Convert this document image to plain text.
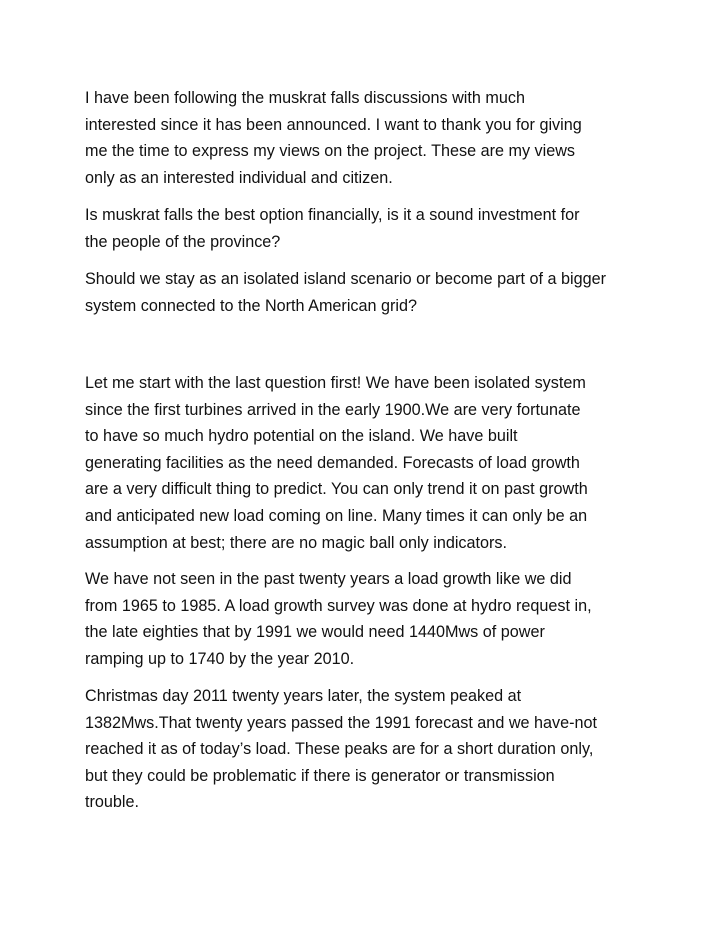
I have been following the muskrat falls discussions with much
interested since it has been announced. I want to thank you for giving
me the time to express my views on the project. These are my views
only as an interested individual and citizen.

Is muskrat falls the best option financially, is it a sound investment for
the people of the province?

Should we stay as an isolated island scenario or become part of a bigger
system connected to the North American grid?

Let me start with the last question first! We have been isolated system
since the first turbines arrived in the early 1900.We are very fortunate
to have so much hydro potential on the island. We have built
generating facilities as the need demanded. Forecasts of load growth
are a very difficult thing to predict. You can only trend it on past growth
and anticipated new load coming on line. Many times it can only be an
assumption at best; there are no magic ball only indicators.

We have not seen in the past twenty years a load growth like we did
from 1965 to 1985. A load growth survey was done at hydro request in,
the late eighties that by 1991 we would need 1440Mws of power
ramping up to 1740 by the year 2010.

Christmas day 2011 twenty years later, the system peaked at
1382Mws.That twenty years passed the 1991 forecast and we have-not
reached it as of today’s load. These peaks are for a short duration only,
but they could be problematic if there is generator or transmission
trouble.
